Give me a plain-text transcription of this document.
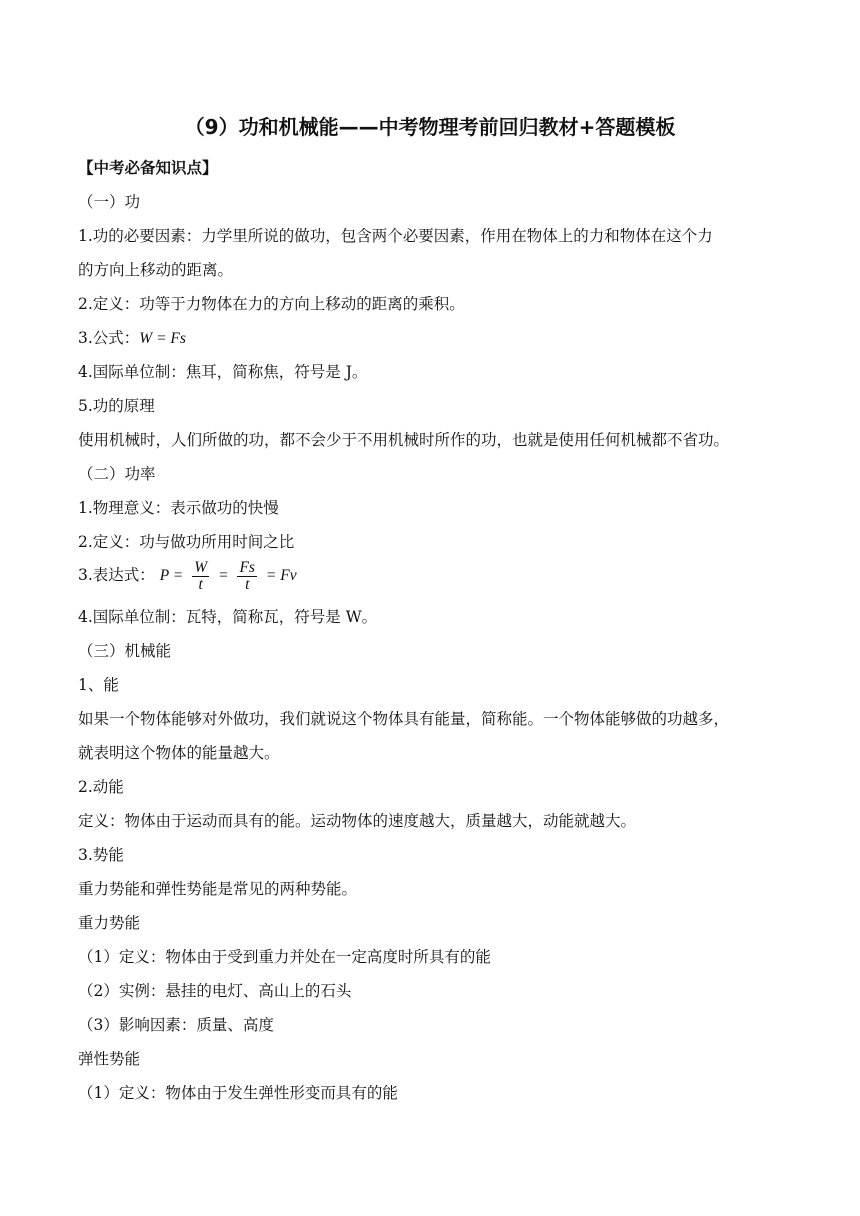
（9）功和机械能——中考物理考前回归教材+答题模板
【中考必备知识点】
（一）功
1.功的必要因素：力学里所说的做功，包含两个必要因素，作用在物体上的力和物体在这个力
的方向上移动的距离。
2.定义：功等于力物体在力的方向上移动的距离的乘积。
3.公式：W = Fs
4.国际单位制：焦耳，简称焦，符号是 J。
5.功的原理
使用机械时，人们所做的功，都不会少于不用机械时所作的功，也就是使用任何机械都不省功。
（二）功率
1.物理意义：表示做功的快慢
2.定义：功与做功所用时间之比
3.表达式： $P = \frac{W}{t} = \frac{Fs}{t} = Fv$
4.国际单位制：瓦特，简称瓦，符号是 W。
（三）机械能
1、能
如果一个物体能够对外做功，我们就说这个物体具有能量，简称能。一个物体能够做的功越多，
就表明这个物体的能量越大。
2.动能
定义：物体由于运动而具有的能。运动物体的速度越大，质量越大，动能就越大。
3.势能
重力势能和弹性势能是常见的两种势能。
重力势能
（1）定义：物体由于受到重力并处在一定高度时所具有的能
（2）实例：悬挂的电灯、高山上的石头
（3）影响因素：质量、高度
弹性势能
（1）定义：物体由于发生弹性形变而具有的能
